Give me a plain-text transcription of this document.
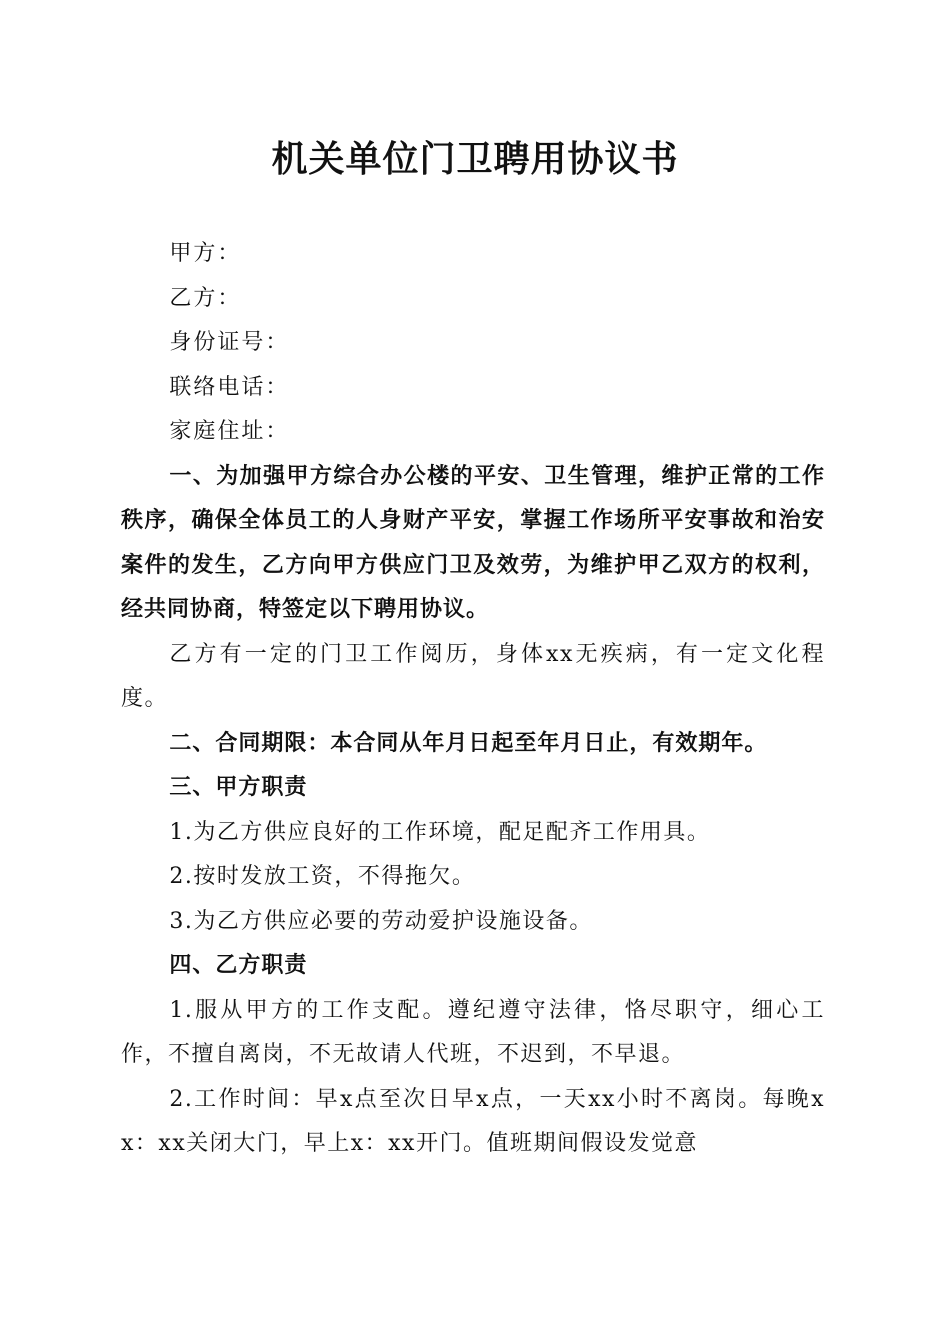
机关单位门卫聘用协议书

甲方：

乙方：

身份证号：

联络电话：

家庭住址：

一、为加强甲方综合办公楼的平安、卫生管理，维护正常的工作秩序，确保全体员工的人身财产平安，掌握工作场所平安事故和治安案件的发生，乙方向甲方供应门卫及效劳，为维护甲乙双方的权利，经共同协商，特签定以下聘用协议。

乙方有一定的门卫工作阅历，身体xx无疾病，有一定文化程度。

二、合同期限：本合同从年月日起至年月日止，有效期年。

三、甲方职责

1.为乙方供应良好的工作环境，配足配齐工作用具。

2.按时发放工资，不得拖欠。

3.为乙方供应必要的劳动爱护设施设备。

四、乙方职责

1.服从甲方的工作支配。遵纪遵守法律，恪尽职守，细心工作，不擅自离岗，不无故请人代班，不迟到，不早退。

2.工作时间：早x点至次日早x点，一天xx小时不离岗。每晚xx：xx关闭大门，早上x：xx开门。值班期间假设发觉意
